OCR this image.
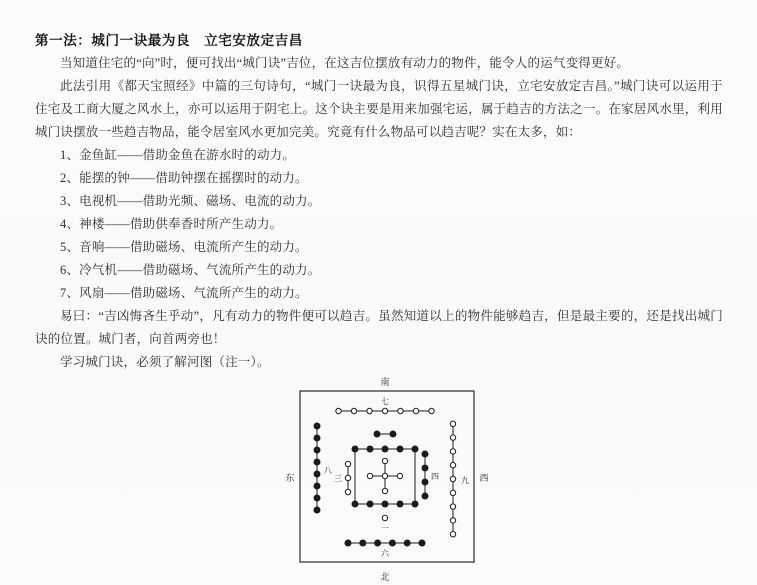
第一法：城门一诀最为良　立宅安放定吉昌

当知道住宅的“向”时，便可找出“城门诀”吉位，在这吉位摆放有动力的物件，能令人的运气变得更好。

此法引用《都天宝照经》中篇的三句诗句，“城门一诀最为良，识得五星城门诀，立宅安放定吉昌。”城门诀可以运用于住宅及工商大厦之风水上，亦可以运用于阴宅上。这个诀主要是用来加强宅运，属于趋吉的方法之一。在家居风水里，利用城门诀摆放一些趋吉物品，能令居室风水更加完美。究竟有什么物品可以趋吉呢？实在太多，如：

1、金鱼缸——借助金鱼在游水时的动力。

2、能摆的钟——借助钟摆在摇摆时的动力。

3、电视机——借助光频、磁场、电流的动力。

4、神楼——借助供奉香时所产生动力。

5、音响——借助磁场、电流所产生的动力。

6、冷气机——借助磁场、气流所产生的动力。

7、风扇——借助磁场、气流所产生的动力。

易曰：“吉凶悔吝生乎动”，凡有动力的物件便可以趋吉。虽然知道以上的物件能够趋吉，但是最主要的，还是找出城门诀的位置。城门者，向首两旁也！

学习城门诀，必须了解河图（注一）。

南
北
东	西
七
一
六
八
三	四	九
